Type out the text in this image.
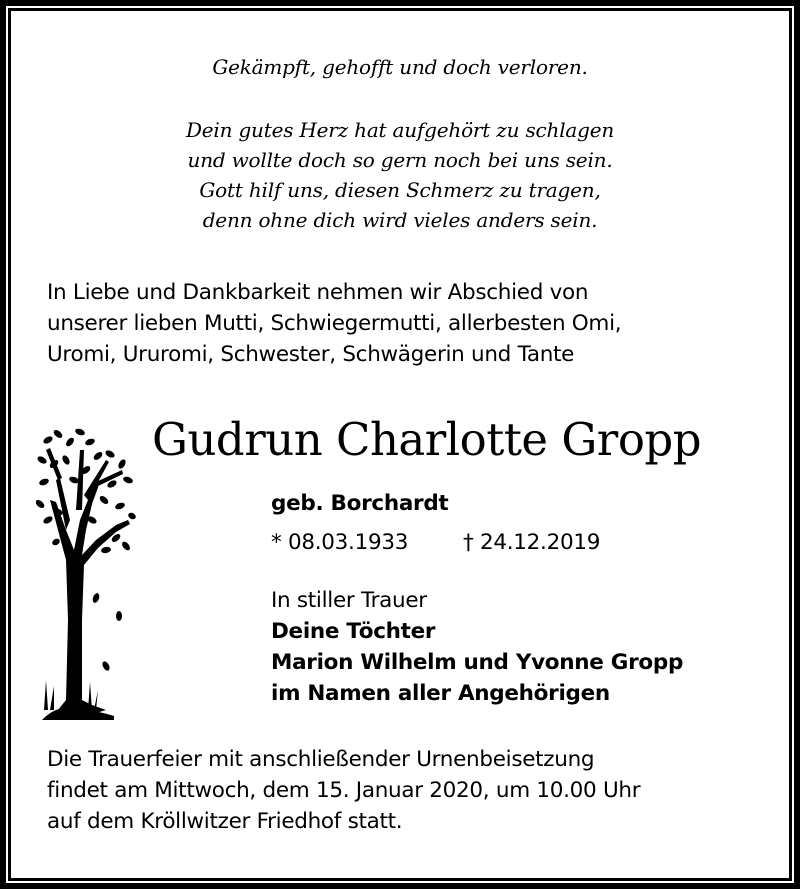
Gekämpft, gehofft und doch verloren.
Dein gutes Herz hat aufgehört zu schlagen
und wollte doch so gern noch bei uns sein.
Gott hilf uns, diesen Schmerz zu tragen,
denn ohne dich wird vieles anders sein.
In Liebe und Dankbarkeit nehmen wir Abschied von
unserer lieben Mutti, Schwiegermutti, allerbesten Omi,
Uromi, Ururomi, Schwester, Schwägerin und Tante
Gudrun Charlotte Gropp
geb. Borchardt
* 08.03.1933	† 24.12.2019
In stiller Trauer
Deine Töchter
Marion Wilhelm und Yvonne Gropp
im Namen aller Angehörigen
Die Trauerfeier mit anschließender Urnenbeisetzung
findet am Mittwoch, dem 15. Januar 2020, um 10.00 Uhr
auf dem Kröllwitzer Friedhof statt.
